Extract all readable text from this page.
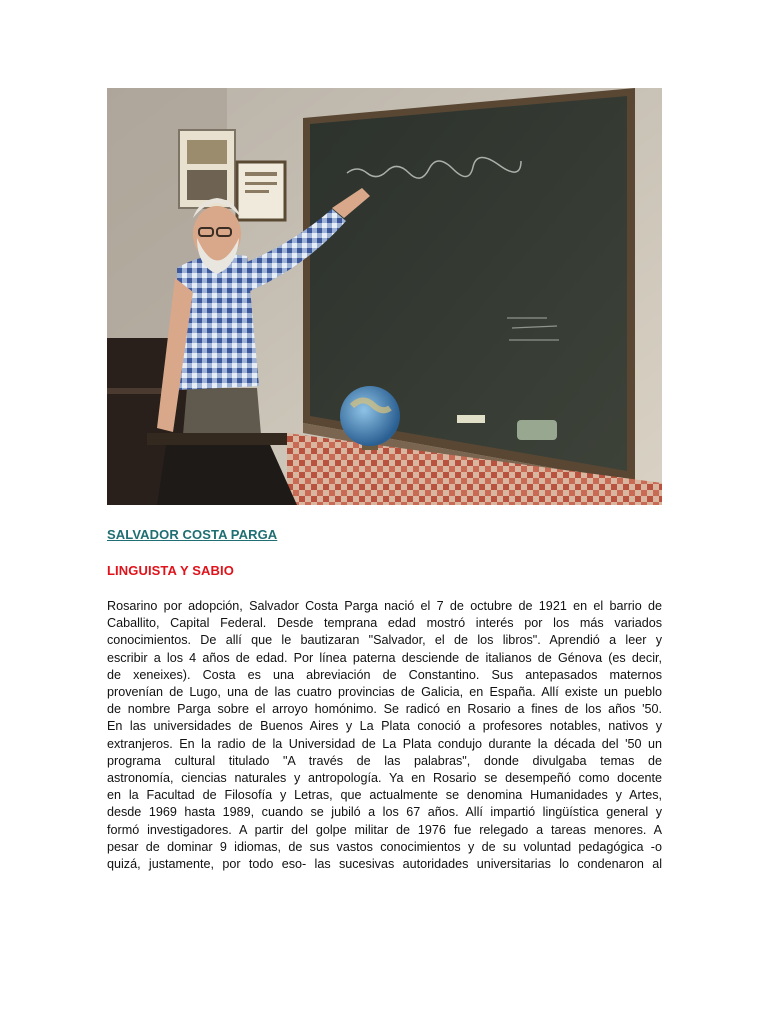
SALVADOR COSTA PARGA
LINGUISTA Y SABIO
Rosarino por adopción, Salvador Costa Parga nació el 7 de octubre de 1921 en el barrio de
Caballito, Capital Federal. Desde temprana edad mostró interés por los más variados
conocimientos. De allí que le bautizaran "Salvador, el de los libros". Aprendió a leer y
escribir a los 4 años de edad. Por línea paterna desciende de italianos de Génova (es decir,
de xeneixes). Costa es una abreviación de Constantino. Sus antepasados maternos
provenían de Lugo, una de las cuatro provincias de Galicia, en España. Allí existe un pueblo
de nombre Parga sobre el arroyo homónimo. Se radicó en Rosario a fines de los años '50.
En las universidades de Buenos Aires y La Plata conoció a profesores notables, nativos y
extranjeros. En la radio de la Universidad de La Plata condujo durante la década del '50 un
programa cultural titulado "A través de las palabras", donde divulgaba temas de
astronomía, ciencias naturales y antropología. Ya en Rosario se desempeñó como docente
en la Facultad de Filosofía y Letras, que actualmente se denomina Humanidades y Artes,
desde 1969 hasta 1989, cuando se jubiló a los 67 años. Allí impartió lingüística general y
formó investigadores. A partir del golpe militar de 1976 fue relegado a tareas menores. A
pesar de dominar 9 idiomas, de sus vastos conocimientos y de su voluntad pedagógica -o
quizá, justamente, por todo eso- las sucesivas autoridades universitarias lo condenaron al
